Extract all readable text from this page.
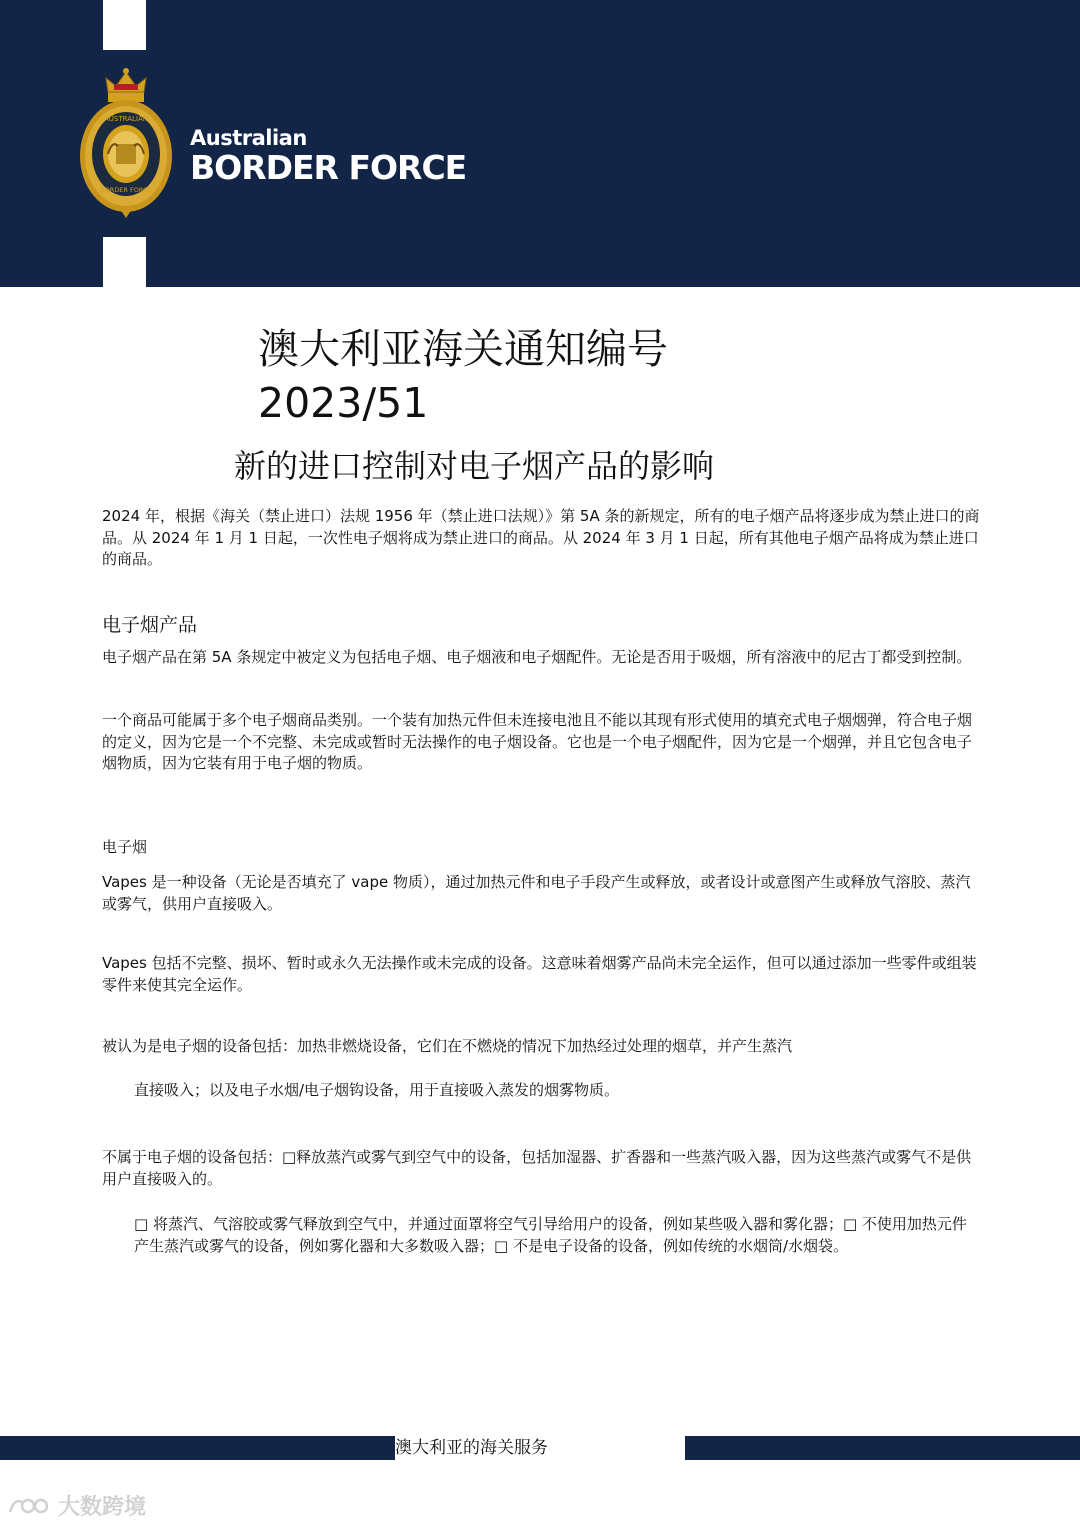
AUSTRALIAN
BORDER FORCE
Australian
BORDER FORCE
澳大利亚海关通知编号
2023/51
新的进口控制对电子烟产品的影响
2024 年，根据《海关（禁止进口）法规 1956 年（禁止进口法规）》第 5A 条的新规定，所有的电子烟产品将逐步成为禁止进口的商品。从 2024 年 1 月 1 日起，一次性电子烟将成为禁止进口的商品。从 2024 年 3 月 1 日起，所有其他电子烟产品将成为禁止进口的商品。
电子烟产品
电子烟产品在第 5A 条规定中被定义为包括电子烟、电子烟液和电子烟配件。无论是否用于吸烟，所有溶液中的尼古丁都受到控制。
一个商品可能属于多个电子烟商品类别。一个装有加热元件但未连接电池且不能以其现有形式使用的填充式电子烟烟弹，符合电子烟的定义，因为它是一个不完整、未完成或暂时无法操作的电子烟设备。它也是一个电子烟配件，因为它是一个烟弹，并且它包含电子烟物质，因为它装有用于电子烟的物质。
电子烟
Vapes 是一种设备（无论是否填充了 vape 物质），通过加热元件和电子手段产生或释放，或者设计或意图产生或释放气溶胶、蒸汽或雾气，供用户直接吸入。
Vapes 包括不完整、损坏、暂时或永久无法操作或未完成的设备。这意味着烟雾产品尚未完全运作，但可以通过添加一些零件或组装零件来使其完全运作。
被认为是电子烟的设备包括：加热非燃烧设备，它们在不燃烧的情况下加热经过处理的烟草，并产生蒸汽
直接吸入；以及电子水烟/电子烟钩设备，用于直接吸入蒸发的烟雾物质。
不属于电子烟的设备包括：□释放蒸汽或雾气到空气中的设备，包括加湿器、扩香器和一些蒸汽吸入器，因为这些蒸汽或雾气不是供用户直接吸入的。
□ 将蒸汽、气溶胶或雾气释放到空气中，并通过面罩将空气引导给用户的设备，例如某些吸入器和雾化器；□ 不使用加热元件产生蒸汽或雾气的设备，例如雾化器和大多数吸入器；□ 不是电子设备的设备，例如传统的水烟筒/水烟袋。
澳大利亚的海关服务
大数跨境
